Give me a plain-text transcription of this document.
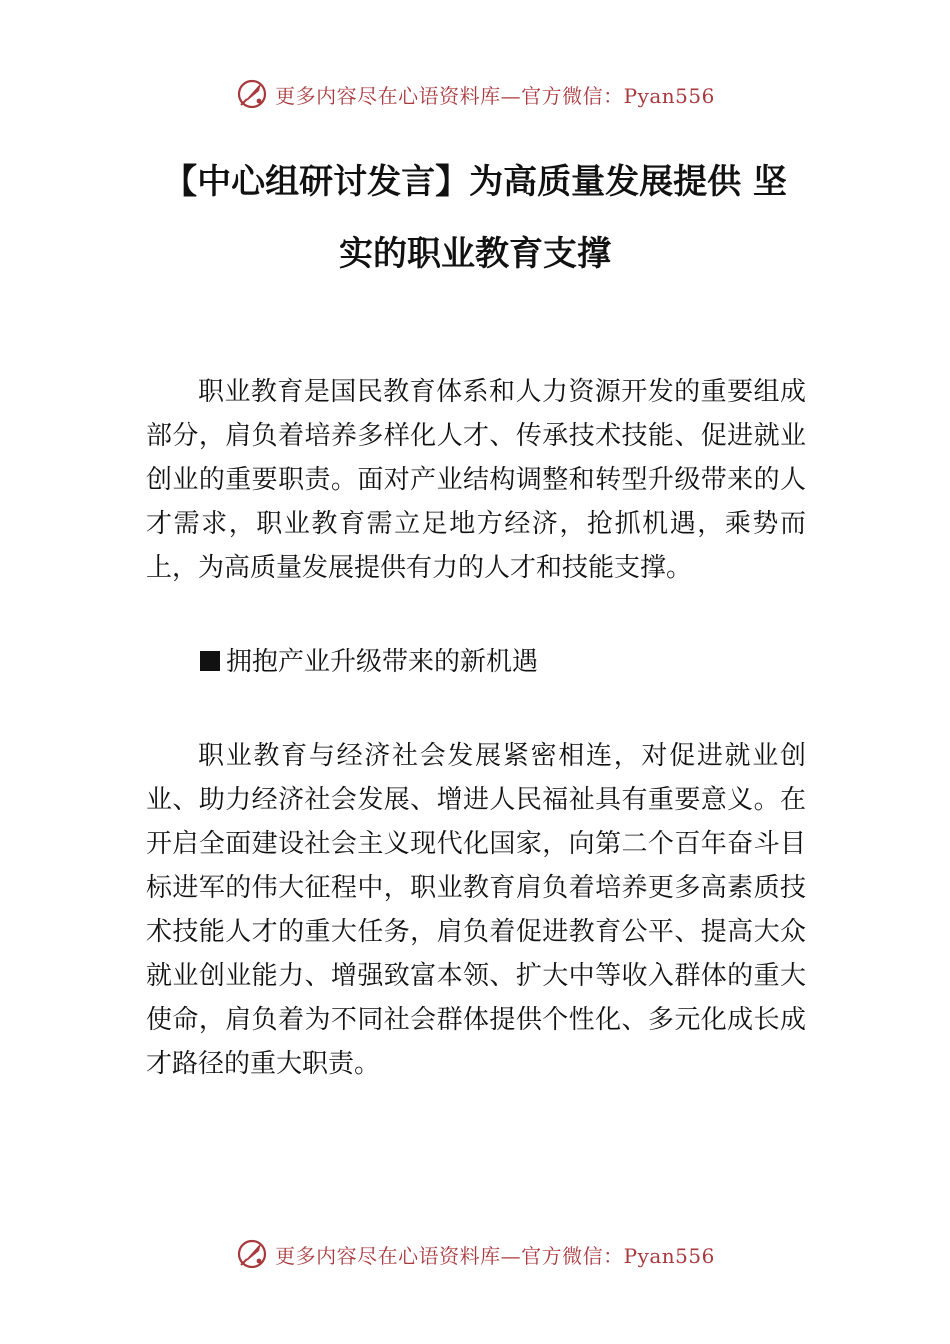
更多内容尽在心语资料库—官方微信：Pyan556
【中心组研讨发言】为高质量发展提供 坚
实的职业教育支撑

职业教育是国民教育体系和人力资源开发的重要组成部分，肩负着培养多样化人才、传承技术技能、促进就业创业的重要职责。面对产业结构调整和转型升级带来的人才需求，职业教育需立足地方经济，抢抓机遇，乘势而上，为高质量发展提供有力的人才和技能支撑。

拥抱产业升级带来的新机遇

职业教育与经济社会发展紧密相连，对促进就业创业、助力经济社会发展、增进人民福祉具有重要意义。在开启全面建设社会主义现代化国家，向第二个百年奋斗目标进军的伟大征程中，职业教育肩负着培养更多高素质技术技能人才的重大任务，肩负着促进教育公平、提高大众就业创业能力、增强致富本领、扩大中等收入群体的重大使命，肩负着为不同社会群体提供个性化、多元化成长成才路径的重大职责。

更多内容尽在心语资料库—官方微信：Pyan556
